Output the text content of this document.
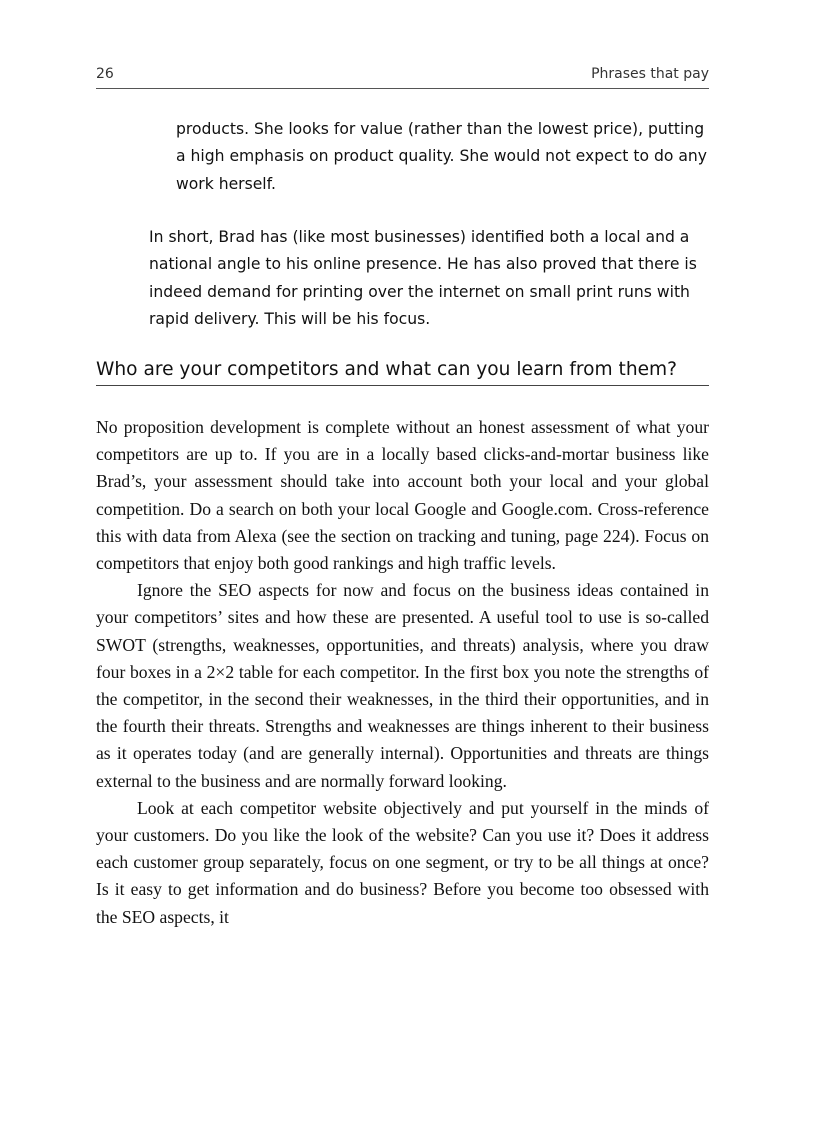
26	Phrases that pay

products. She looks for value (rather than the lowest price), putting a high emphasis on product quality. She would not expect to do any work herself.

In short, Brad has (like most businesses) identified both a local and a national angle to his online presence. He has also proved that there is indeed demand for printing over the internet on small print runs with rapid delivery. This will be his focus.

Who are your competitors and what can you learn from them?

No proposition development is complete without an honest assessment of what your competitors are up to. If you are in a locally based clicks-and-mortar business like Brad’s, your assessment should take into account both your local and your global competition. Do a search on both your local Google and Google.com. Cross-reference this with data from Alexa (see the section on tracking and tuning, page 224). Focus on competitors that enjoy both good rankings and high traffic levels.

Ignore the SEO aspects for now and focus on the business ideas contained in your competitors’ sites and how these are presented. A useful tool to use is so-called SWOT (strengths, weaknesses, opportunities, and threats) analysis, where you draw four boxes in a 2×2 table for each competitor. In the first box you note the strengths of the competitor, in the second their weaknesses, in the third their opportunities, and in the fourth their threats. Strengths and weaknesses are things inherent to their business as it operates today (and are generally internal). Opportunities and threats are things external to the business and are normally forward looking.

Look at each competitor website objectively and put yourself in the minds of your customers. Do you like the look of the website? Can you use it? Does it address each customer group separately, focus on one segment, or try to be all things at once? Is it easy to get information and do business? Before you become too obsessed with the SEO aspects, it
